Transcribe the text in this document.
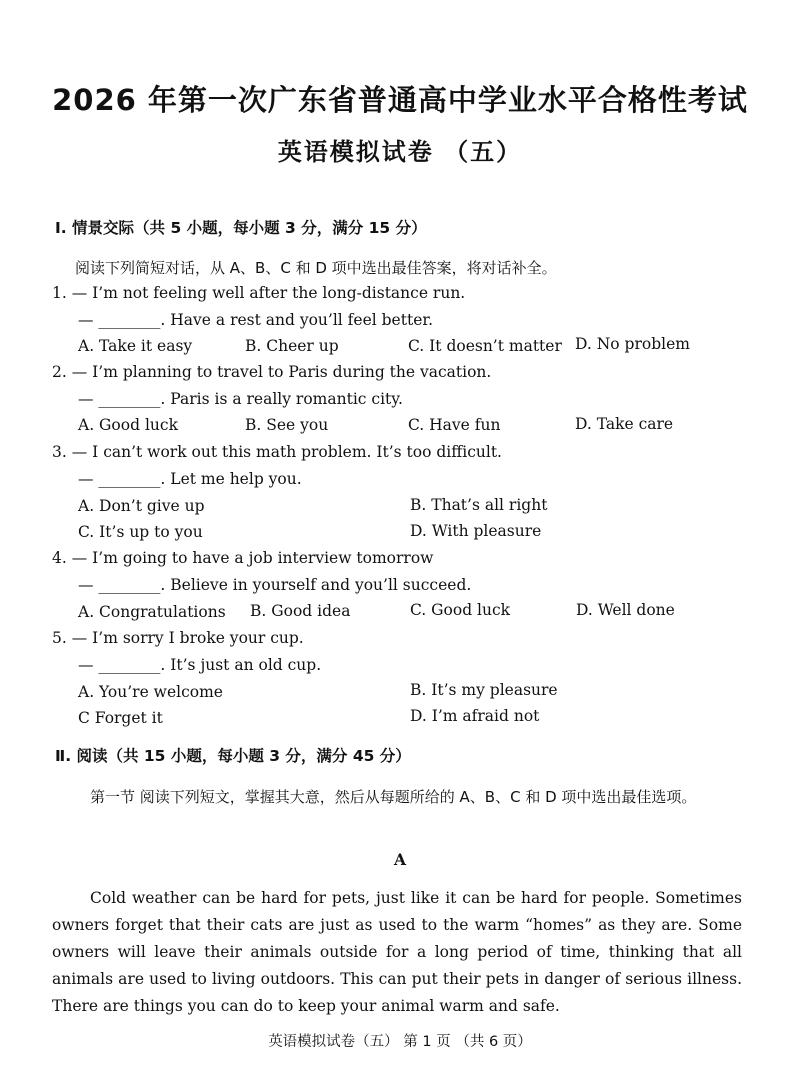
2026 年第一次广东省普通高中学业水平合格性考试
英语模拟试卷 （五）
Ⅰ. 情景交际（共 5 小题，每小题 3 分，满分 15 分）
阅读下列简短对话，从 A、B、C 和 D 项中选出最佳答案，将对话补全。
1. — I’m not feeling well after the long-distance run.
— ________. Have a rest and you’ll feel better.
A. Take it easy	B. Cheer up	C. It doesn’t matter D. No problem
2. — I’m planning to travel to Paris during the vacation.
— ________. Paris is a really romantic city.
A. Good luck	B. See you	C. Have fun	D. Take care
3. — I can’t work out this math problem. It’s too difficult.
— ________. Let me help you.
A. Don’t give up	B. That’s all right
C. It’s up to you	D. With pleasure
4. — I’m going to have a job interview tomorrow
— ________. Believe in yourself and you’ll succeed.
A. Congratulations B. Good idea	C. Good luck	D. Well done
5. — I’m sorry I broke your cup.
— ________. It’s just an old cup.
A. You’re welcome	B. It’s my pleasure
C Forget it	D. I’m afraid not
Ⅱ. 阅读（共 15 小题，每小题 3 分，满分 45 分）
第一节 阅读下列短文，掌握其大意，然后从每题所给的 A、B、C 和 D 项中选出最佳选项。
A
Cold weather can be hard for pets, just like it can be hard for people. Sometimes owners forget that their cats are just as used to the warm “homes” as they are. Some owners will leave their animals outside for a long period of time, thinking that all animals are used to living outdoors. This can put their pets in danger of serious illness. There are things you can do to keep your animal warm and safe.
英语模拟试卷（五） 第 1 页 （共 6 页）
